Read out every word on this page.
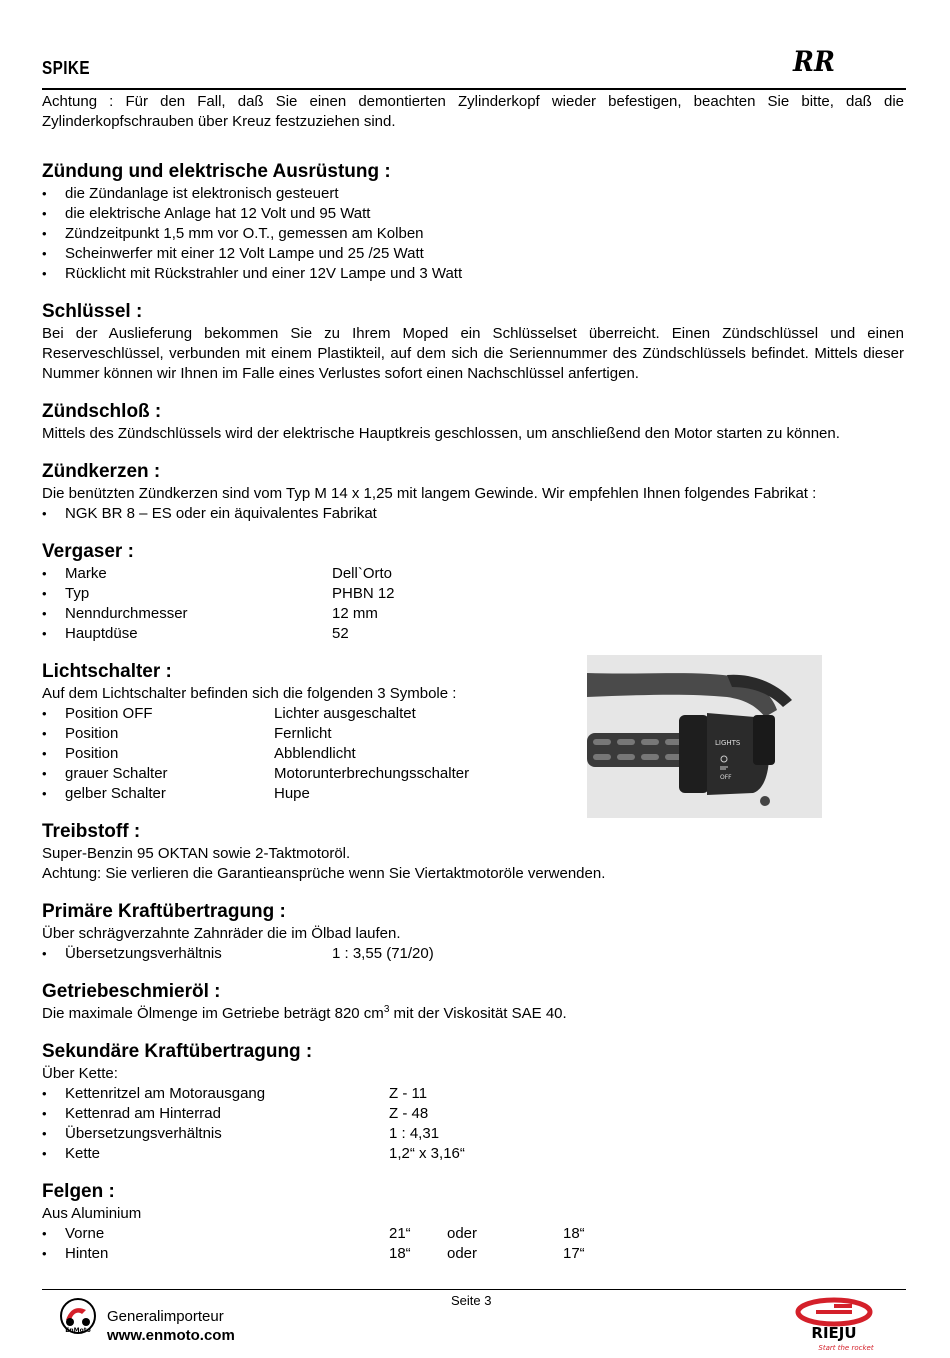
SPIKE	RR

Achtung : Für den Fall, daß Sie einen demontierten Zylinderkopf wieder befestigen, beachten Sie bitte, daß die Zylinderkopfschrauben über Kreuz festzuziehen sind.

Zündung und elektrische Ausrüstung :
• die Zündanlage ist elektronisch gesteuert
• die elektrische Anlage hat 12 Volt und 95 Watt
• Zündzeitpunkt 1,5 mm vor O.T., gemessen am Kolben
• Scheinwerfer mit einer 12 Volt Lampe und 25 /25 Watt
• Rücklicht mit Rückstrahler und einer 12V Lampe und 3 Watt
Schlüssel :

Bei der Auslieferung bekommen Sie zu Ihrem Moped ein Schlüsselset überreicht. Einen Zündschlüssel und einen Reserveschlüssel, verbunden mit einem Plastikteil, auf dem sich die Seriennummer des Zündschlüssels befindet. Mittels dieser Nummer können wir Ihnen im Falle eines Verlustes sofort einen Nachschlüssel anfertigen.

Zündschloß :

Mittels des Zündschlüssels wird der elektrische Hauptkreis geschlossen, um anschließend den Motor starten zu können.

Zündkerzen :

Die benützten Zündkerzen sind vom Typ M 14 x 1,25 mit langem Gewinde. Wir empfehlen Ihnen folgendes Fabrikat :

• NGK BR 8 – ES oder ein äquivalentes Fabrikat
Vergaser :
• Marke	Dell`Orto
• Typ	PHBN 12
• Nenndurchmesser	12 mm
• Hauptdüse	52
Lichtschalter :

Auf dem Lichtschalter befinden sich die folgenden 3 Symbole :

• Position OFF	Lichter ausgeschaltet
• Position	Fernlicht
• Position	Abblendlicht
• grauer Schalter	Motorunterbrechungsschalter
• gelber Schalter	Hupe
Treibstoff :

Super-Benzin 95 OKTAN sowie 2-Taktmotoröl.

Achtung: Sie verlieren die Garantieansprüche wenn Sie Viertaktmotoröle verwenden.

Primäre Kraftübertragung :

Über schrägverzahnte Zahnräder die im Ölbad laufen.

• Übersetzungsverhältnis	1 : 3,55 (71/20)
Getriebeschmieröl :

Die maximale Ölmenge im Getriebe beträgt 820 $cm^3$ mit der Viskosität SAE 40.

Sekundäre Kraftübertragung :

Über Kette:

• Kettenritzel am Motorausgang	Z - 11
• Kettenrad am Hinterrad	Z - 48
• Übersetzungsverhältnis	1 : 4,31
• Kette	1,2“ x 3,16“
Felgen :

Aus Aluminium

• Vorne	21“ oder	18“
• Hinten	18“ oder	17“
LIGHTS
OFF
Seite 3
EnMoto
Generalimporteur
www.enmoto.com	RIEJU
Start the rocket
